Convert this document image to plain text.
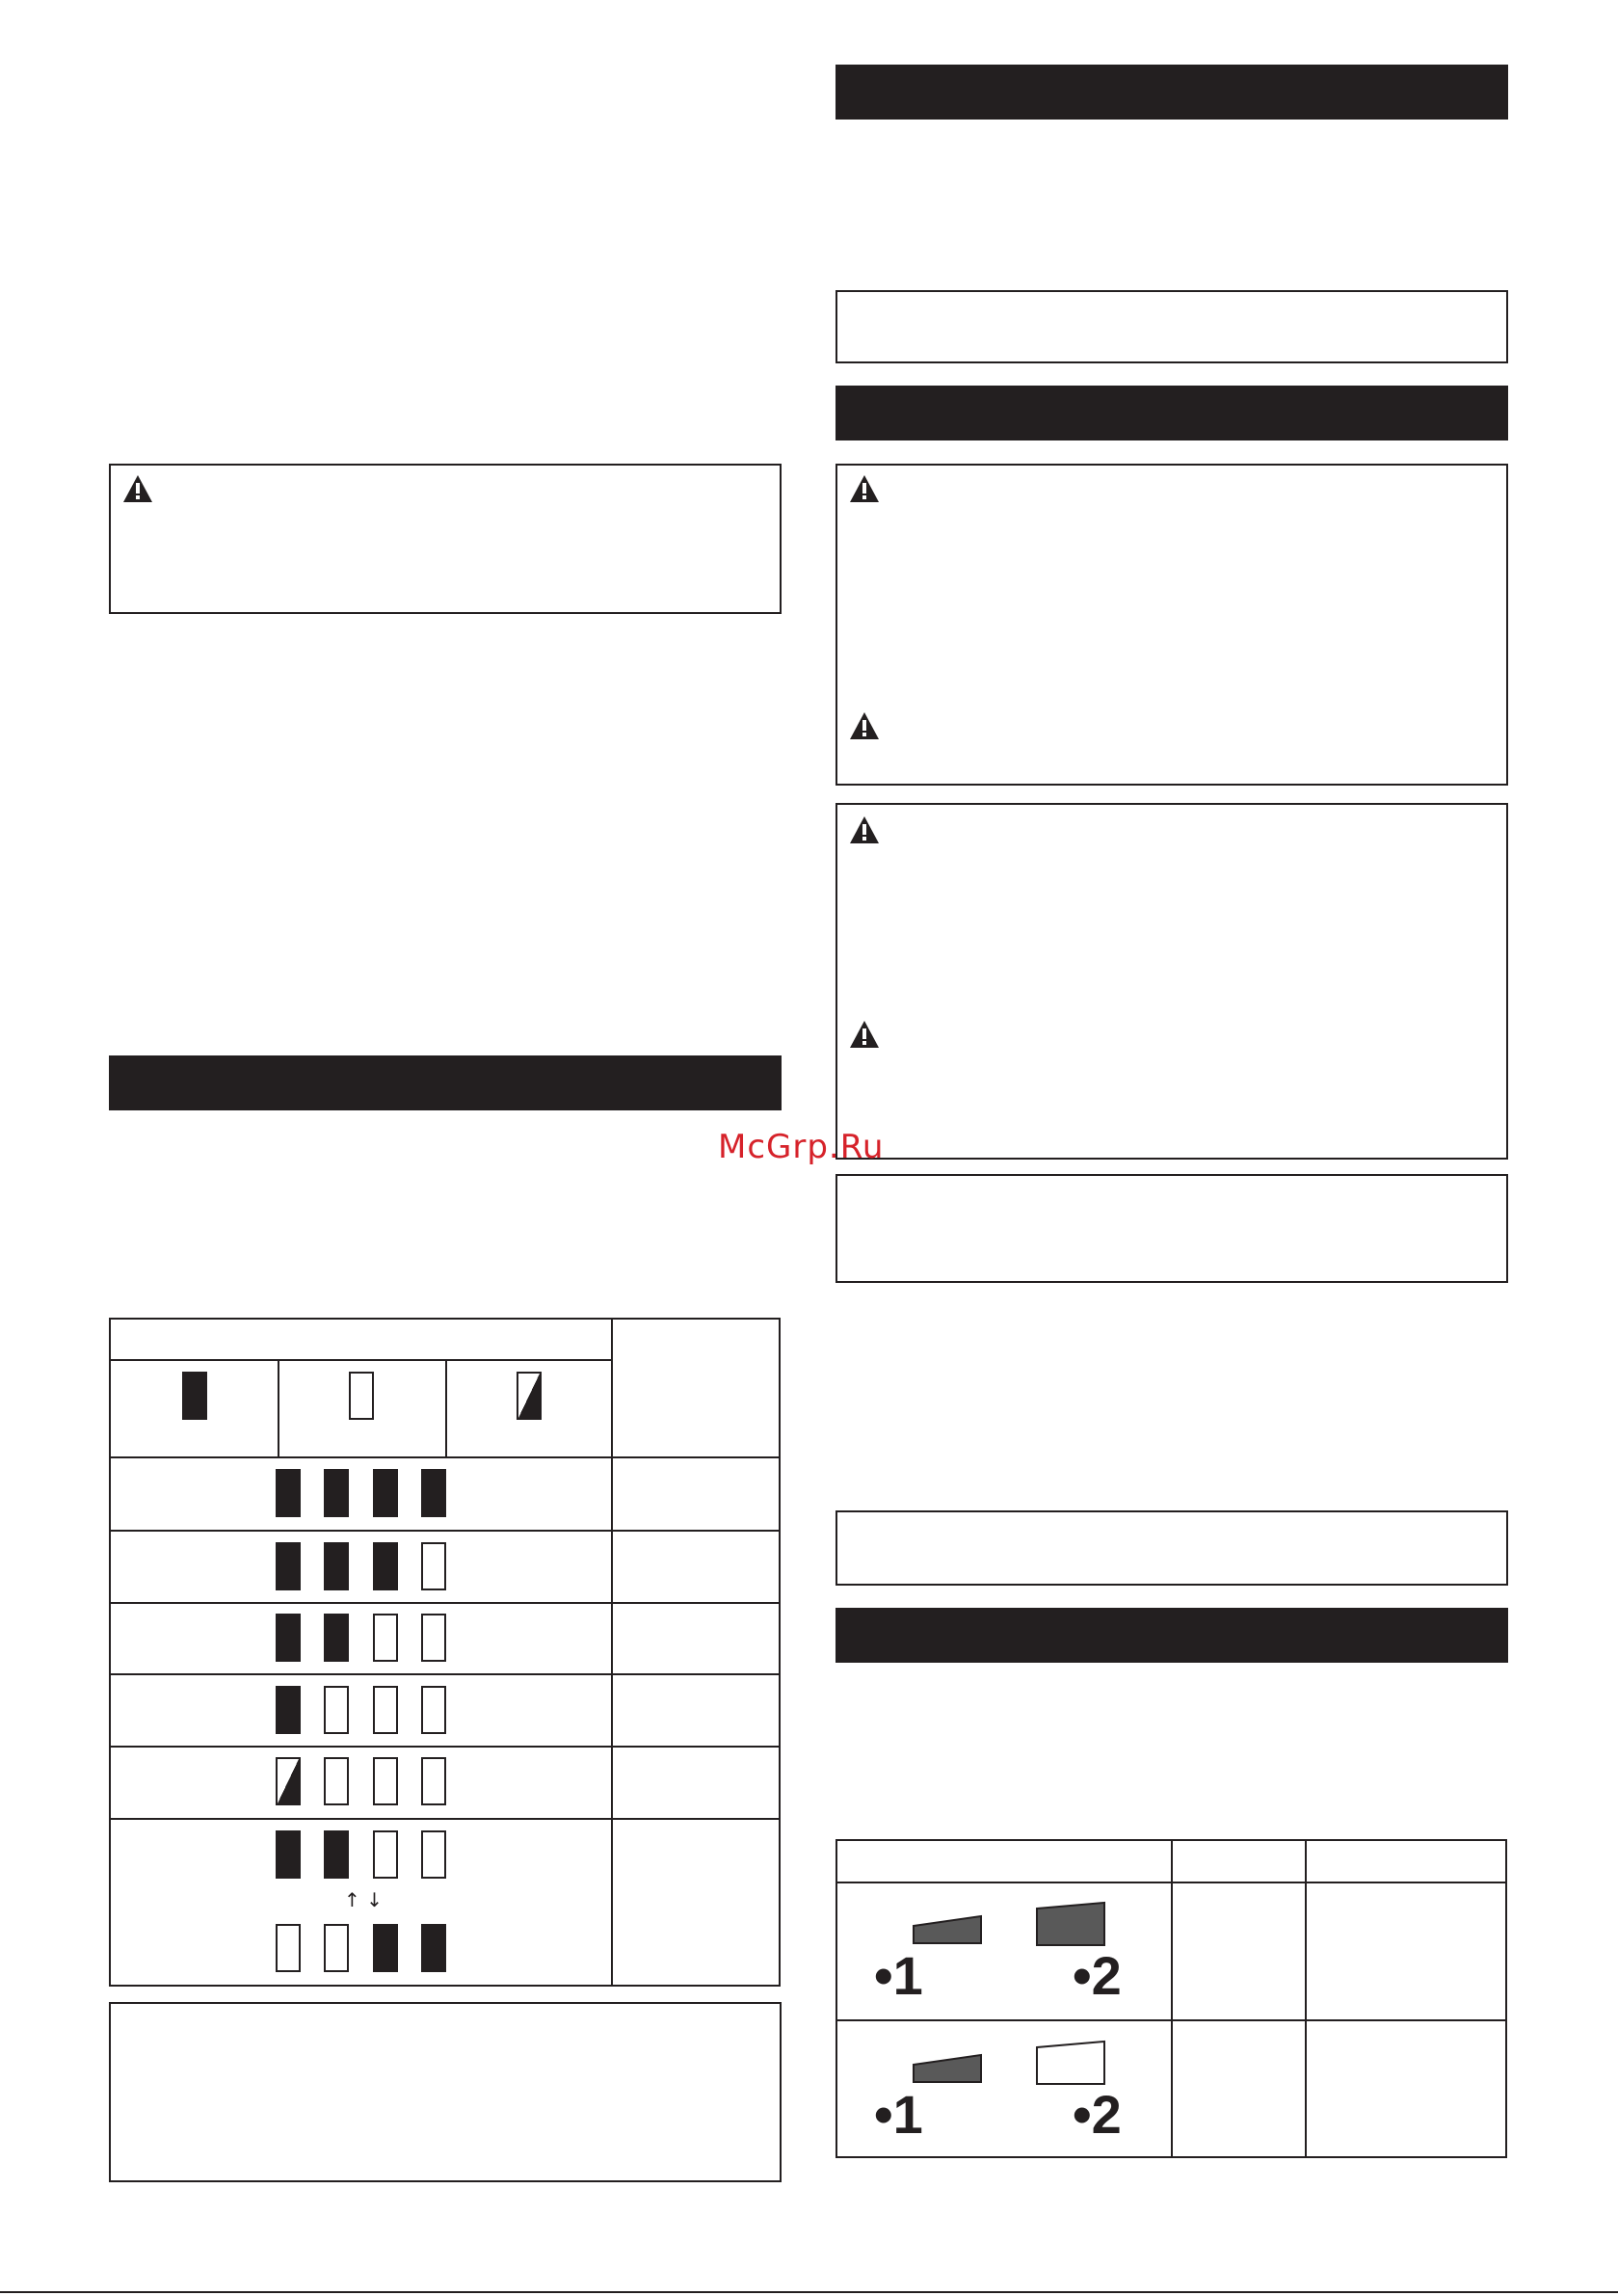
↑ ↓
•1	•2
•1	•2
McGrp.Ru
